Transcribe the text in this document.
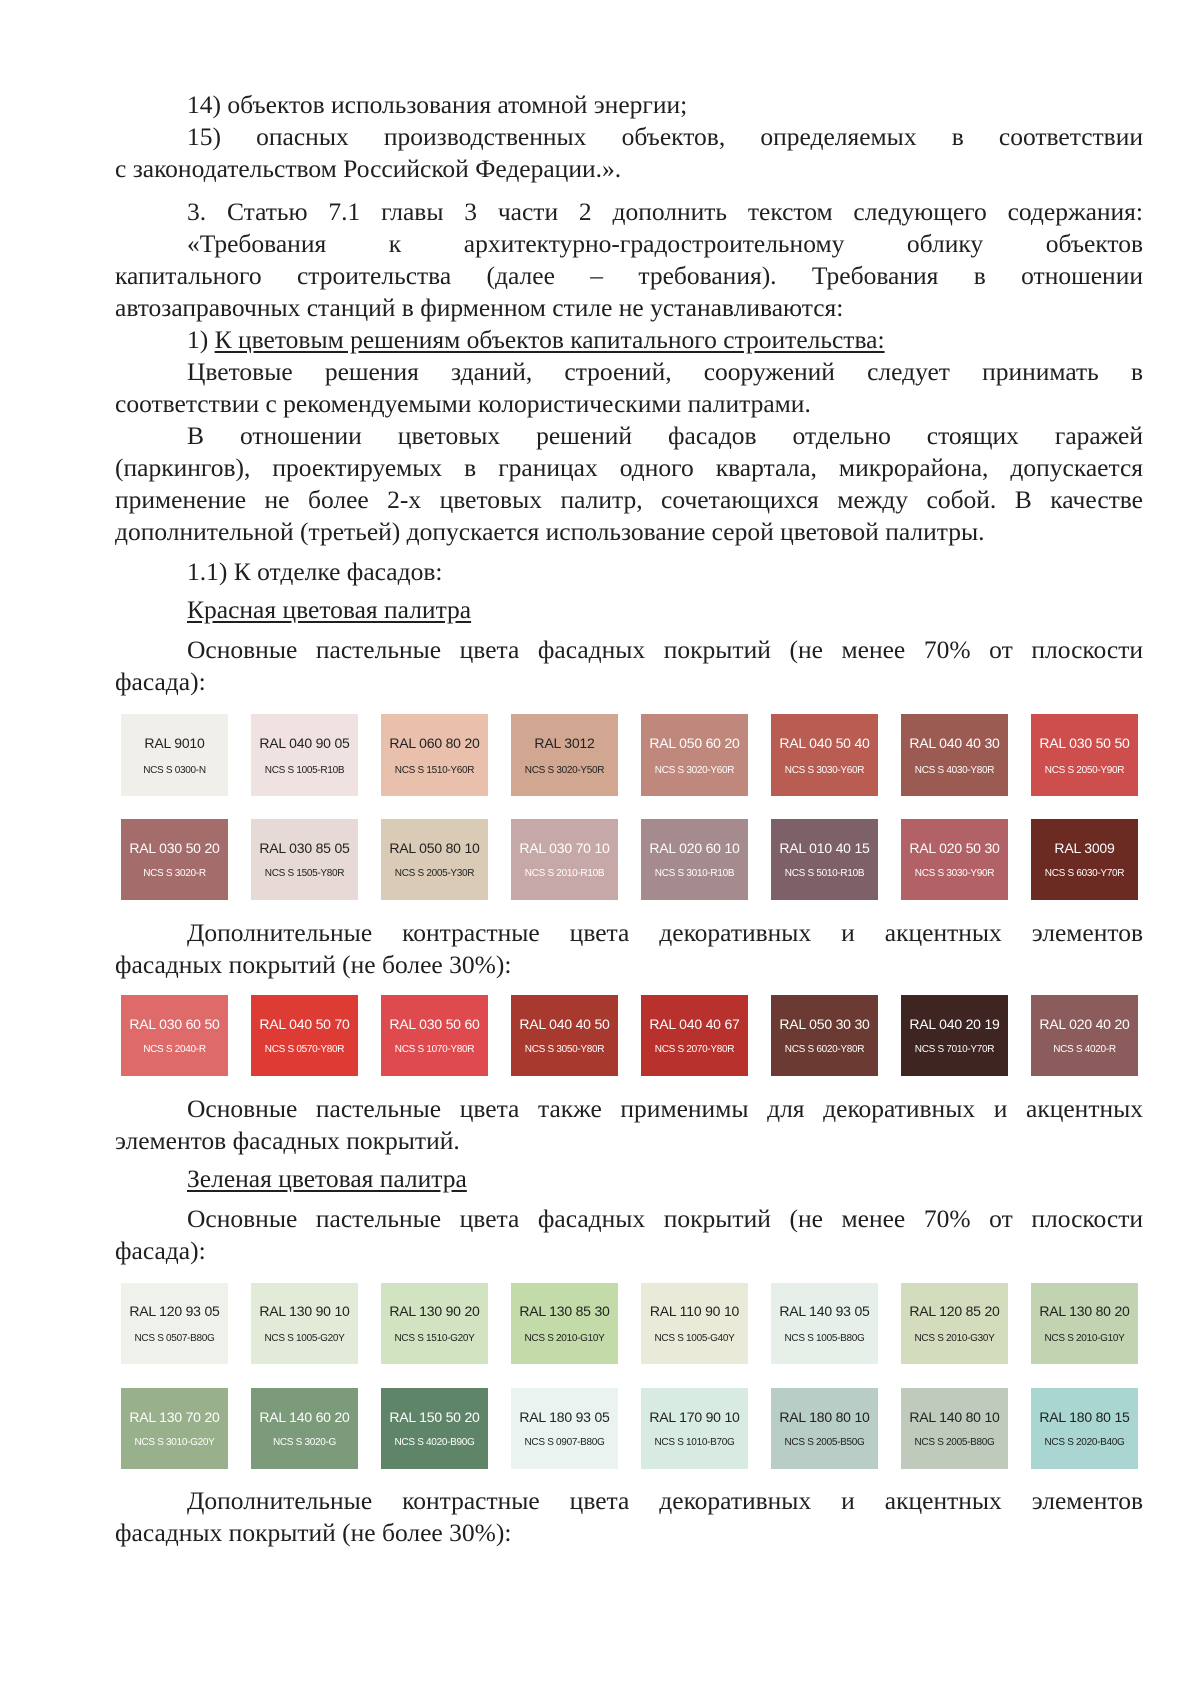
14) объектов использования атомной энергии;
15) опасных производственных объектов, определяемых в соответствии
с законодательством Российской Федерации.».
3. Статью 7.1 главы 3 части 2 дополнить текстом следующего содержания:
«Требования к архитектурно-градостроительному облику объектов
капитального строительства (далее – требования). Требования в отношении
автозаправочных станций в фирменном стиле не устанавливаются:
1) К цветовым решениям объектов капитального строительства:
Цветовые решения зданий, строений, сооружений следует принимать в
соответствии с рекомендуемыми колористическими палитрами.
В отношении цветовых решений фасадов отдельно стоящих гаражей
(паркингов), проектируемых в границах одного квартала, микрорайона, допускается
применение не более 2-х цветовых палитр, сочетающихся между собой. В качестве
дополнительной (третьей) допускается использование серой цветовой палитры.
1.1) К отделке фасадов:
Красная цветовая палитра
Основные пастельные цвета фасадных покрытий (не менее 70% от плоскости
фасада):
RAL 9010
NCS S 0300-N
RAL 040 90 05
NCS S 1005-R10B
RAL 060 80 20
NCS S 1510-Y60R
RAL 3012
NCS S 3020-Y50R
RAL 050 60 20
NCS S 3020-Y60R
RAL 040 50 40
NCS S 3030-Y60R
RAL 040 40 30
NCS S 4030-Y80R
RAL 030 50 50
NCS S 2050-Y90R
RAL 030 50 20
NCS S 3020-R
RAL 030 85 05
NCS S 1505-Y80R
RAL 050 80 10
NCS S 2005-Y30R
RAL 030 70 10
NCS S 2010-R10B
RAL 020 60 10
NCS S 3010-R10B
RAL 010 40 15
NCS S 5010-R10B
RAL 020 50 30
NCS S 3030-Y90R
RAL 3009
NCS S 6030-Y70R
Дополнительные контрастные цвета декоративных и акцентных элементов
фасадных покрытий (не более 30%):
RAL 030 60 50
NCS S 2040-R
RAL 040 50 70
NCS S 0570-Y80R
RAL 030 50 60
NCS S 1070-Y80R
RAL 040 40 50
NCS S 3050-Y80R
RAL 040 40 67
NCS S 2070-Y80R
RAL 050 30 30
NCS S 6020-Y80R
RAL 040 20 19
NCS S 7010-Y70R
RAL 020 40 20
NCS S 4020-R
Основные пастельные цвета также применимы для декоративных и акцентных
элементов фасадных покрытий.
Зеленая цветовая палитра
Основные пастельные цвета фасадных покрытий (не менее 70% от плоскости
фасада):
RAL 120 93 05
NCS S 0507-B80G
RAL 130 90 10
NCS S 1005-G20Y
RAL 130 90 20
NCS S 1510-G20Y
RAL 130 85 30
NCS S 2010-G10Y
RAL 110 90 10
NCS S 1005-G40Y
RAL 140 93 05
NCS S 1005-B80G
RAL 120 85 20
NCS S 2010-G30Y
RAL 130 80 20
NCS S 2010-G10Y
RAL 130 70 20
NCS S 3010-G20Y
RAL 140 60 20
NCS S 3020-G
RAL 150 50 20
NCS S 4020-B90G
RAL 180 93 05
NCS S 0907-B80G
RAL 170 90 10
NCS S 1010-B70G
RAL 180 80 10
NCS S 2005-B50G
RAL 140 80 10
NCS S 2005-B80G
RAL 180 80 15
NCS S 2020-B40G
Дополнительные контрастные цвета декоративных и акцентных элементов
фасадных покрытий (не более 30%):
